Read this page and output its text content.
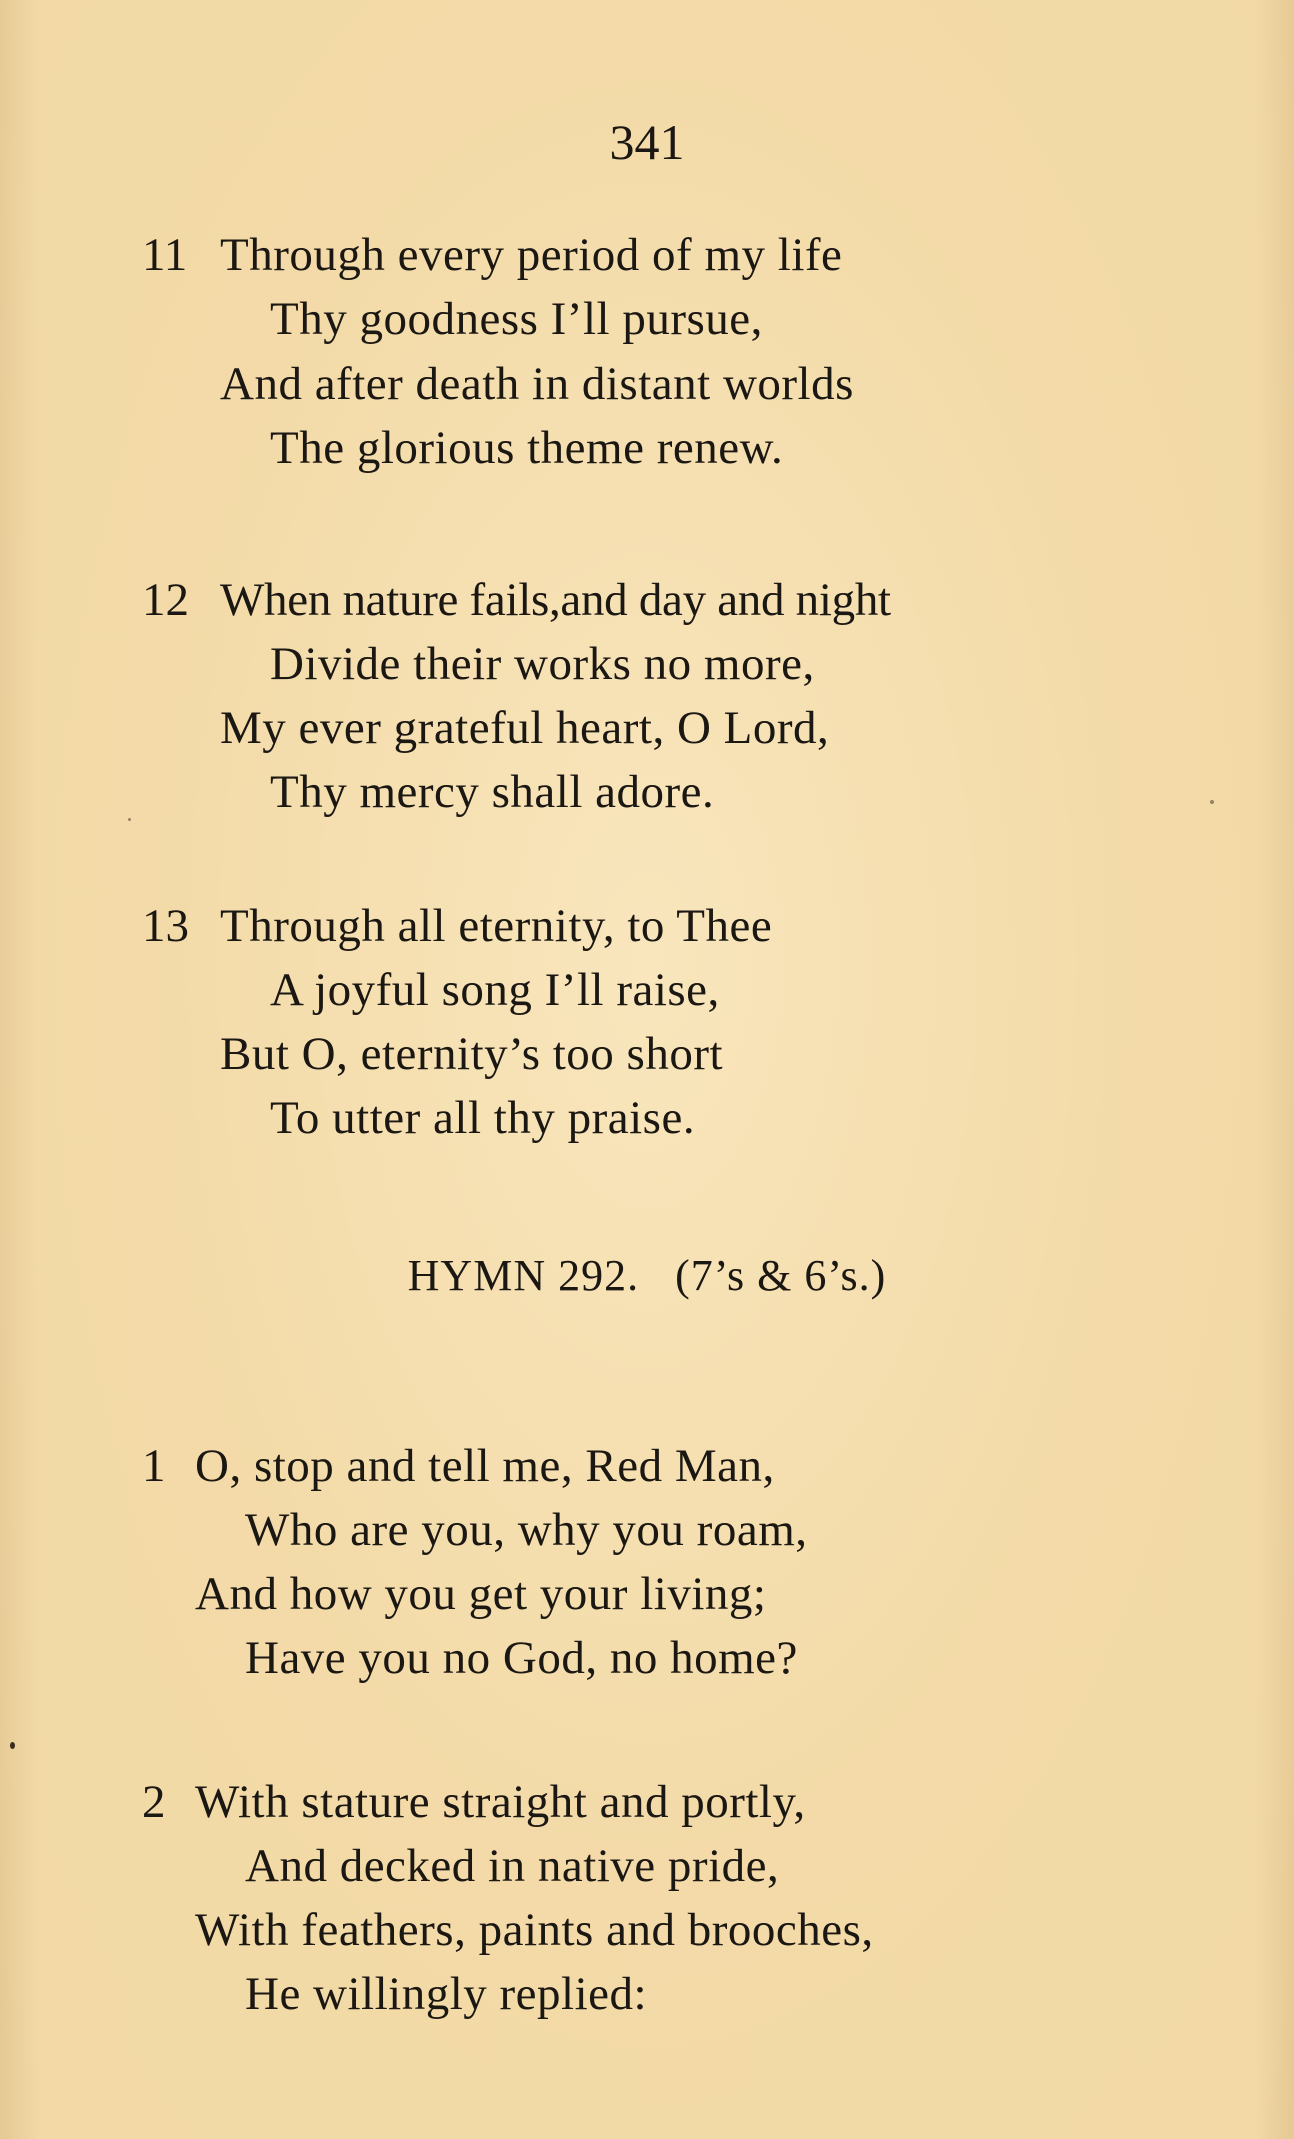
341
11 Through every period of my life
Thy goodness I’ll pursue,
And after death in distant worlds
The glorious theme renew.
12 When nature fails,and day and night
Divide their works no more,
My ever grateful heart, O Lord,
Thy mercy shall adore.
13 Through all eternity, to Thee
A joyful song I’ll raise,
But O, eternity’s too short
To utter all thy praise.
HYMN 292.   (7’s & 6’s.)
1 O, stop and tell me, Red Man,
Who are you, why you roam,
And how you get your living;
Have you no God, no home?
2 With stature straight and portly,
And decked in native pride,
With feathers, paints and brooches,
He willingly replied:
